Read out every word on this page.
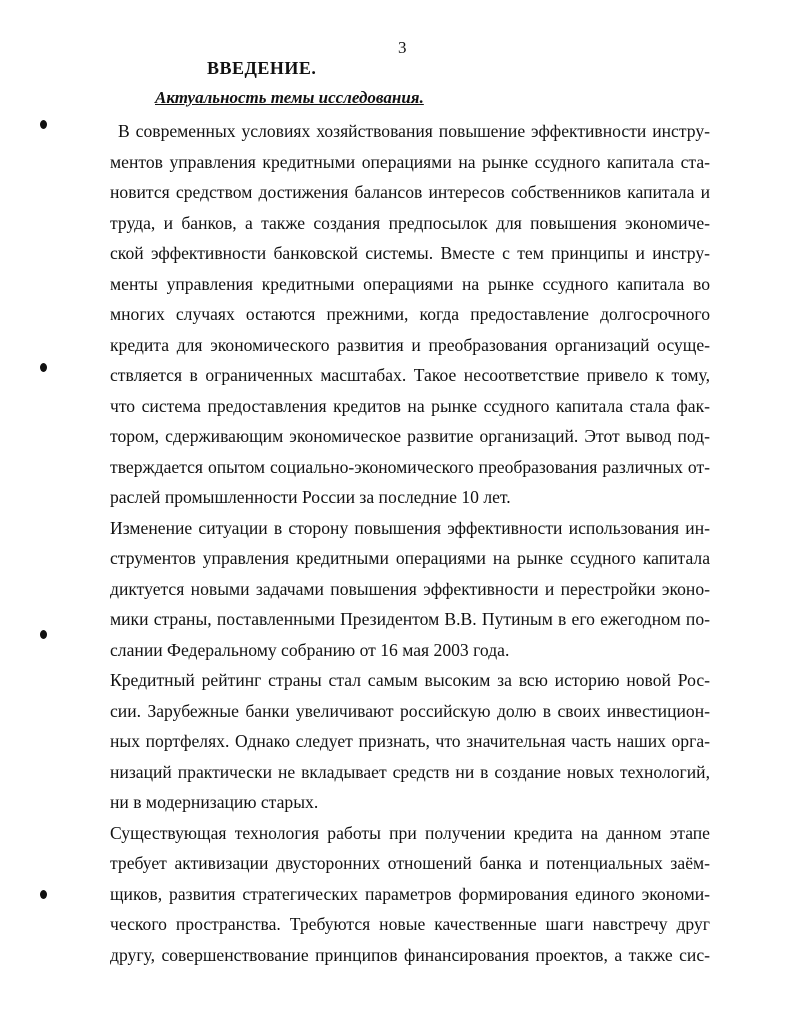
3
ВВЕДЕНИЕ.
Актуальность темы исследования.
В современных условиях хозяйствования повышение эффективности инстру-
ментов управления кредитными операциями на рынке ссудного капитала ста-
новится средством достижения балансов интересов собственников капитала и
труда, и банков, а также создания предпосылок для повышения экономиче-
ской эффективности банковской системы. Вместе с тем принципы и инстру-
менты управления кредитными операциями на рынке ссудного капитала во
многих случаях остаются прежними, когда предоставление долгосрочного
кредита для экономического развития и преобразования организаций осуще-
ствляется в ограниченных масштабах. Такое несоответствие привело к тому,
что система предоставления кредитов на рынке ссудного капитала стала фак-
тором, сдерживающим экономическое развитие организаций. Этот вывод под-
тверждается опытом социально-экономического преобразования различных от-
раслей промышленности России за последние 10 лет.
Изменение ситуации в сторону повышения эффективности использования ин-
струментов управления кредитными операциями на рынке ссудного капитала
диктуется новыми задачами повышения эффективности и перестройки эконо-
мики страны, поставленными Президентом В.В. Путиным в его ежегодном по-
слании Федеральному собранию от 16 мая 2003 года.
Кредитный рейтинг страны стал самым высоким за всю историю новой Рос-
сии. Зарубежные банки увеличивают российскую долю в своих инвестицион-
ных портфелях. Однако следует признать, что значительная часть наших орга-
низаций практически не вкладывает средств ни в создание новых технологий,
ни в модернизацию старых.
Существующая технология работы при получении кредита на данном этапе
требует активизации двусторонних отношений банка и потенциальных заём-
щиков, развития стратегических параметров формирования единого экономи-
ческого пространства. Требуются новые качественные шаги навстречу друг
другу, совершенствование принципов финансирования проектов, а также сис-
